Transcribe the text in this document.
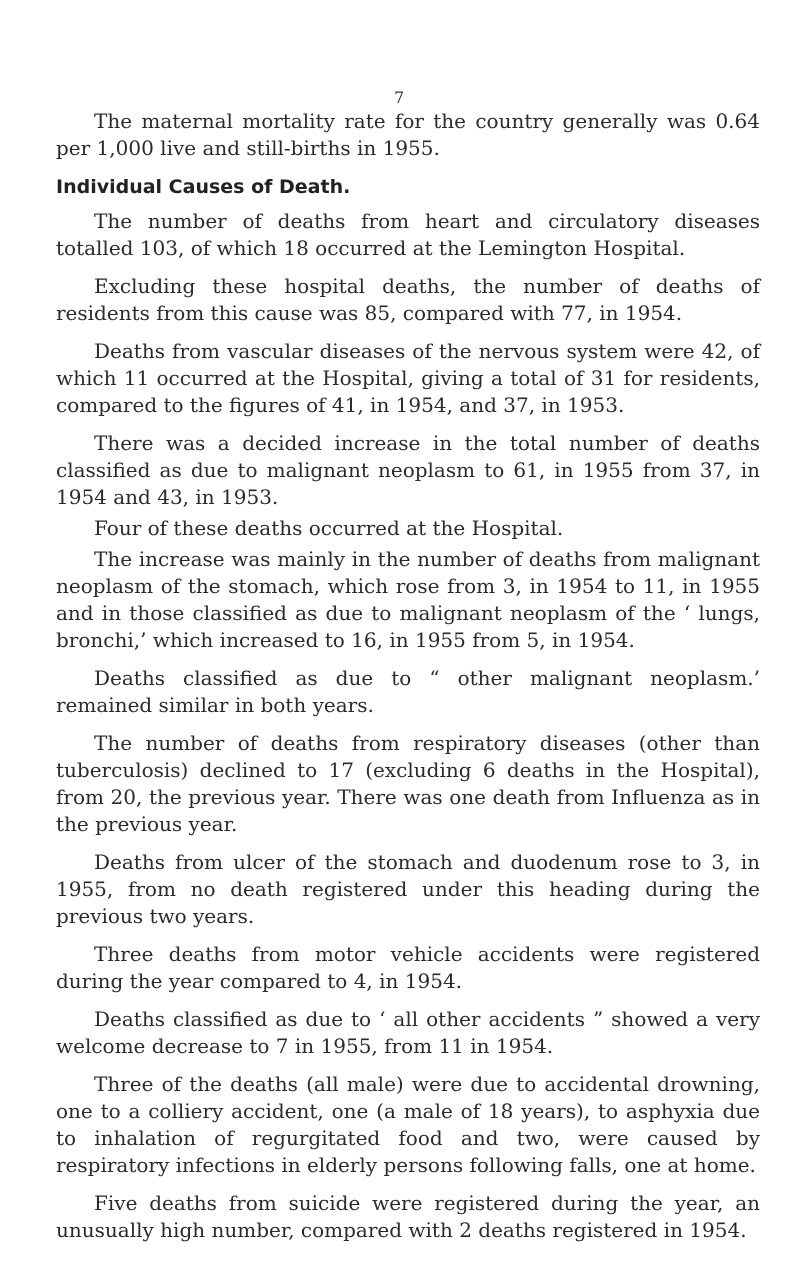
7

The maternal mortality rate for the country generally was 0.64 per 1,000 live and still-births in 1955.

Individual Causes of Death.

The number of deaths from heart and circulatory diseases totalled 103, of which 18 occurred at the Lemington Hospital.

Excluding these hospital deaths, the number of deaths of residents from this cause was 85, compared with 77, in 1954.

Deaths from vascular diseases of the nervous system were 42, of which 11 occurred at the Hospital, giving a total of 31 for residents, compared to the figures of 41, in 1954, and 37, in 1953.

There was a decided increase in the total number of deaths classified as due to malignant neoplasm to 61, in 1955 from 37, in 1954 and 43, in 1953.

Four of these deaths occurred at the Hospital.

The increase was mainly in the number of deaths from malignant neoplasm of the stomach, which rose from 3, in 1954 to 11, in 1955 and in those classified as due to malignant neoplasm of the ‘ lungs, bronchi,’ which increased to 16, in 1955 from 5, in 1954.

Deaths classified as due to “ other malignant neoplasm.’ remained similar in both years.

The number of deaths from respiratory diseases (other than tuberculosis) declined to 17 (excluding 6 deaths in the Hospital), from 20, the previous year. There was one death from Influenza as in the previous year.

Deaths from ulcer of the stomach and duodenum rose to 3, in 1955, from no death registered under this heading during the previous two years.

Three deaths from motor vehicle accidents were registered during the year compared to 4, in 1954.

Deaths classified as due to ‘ all other accidents ” showed a very welcome decrease to 7 in 1955, from 11 in 1954.

Three of the deaths (all male) were due to accidental drowning, one to a colliery accident, one (a male of 18 years), to asphyxia due to inhalation of regurgitated food and two, were caused by respiratory infections in elderly persons following falls, one at home.

Five deaths from suicide were registered during the year, an unusually high number, compared with 2 deaths registered in 1954.
